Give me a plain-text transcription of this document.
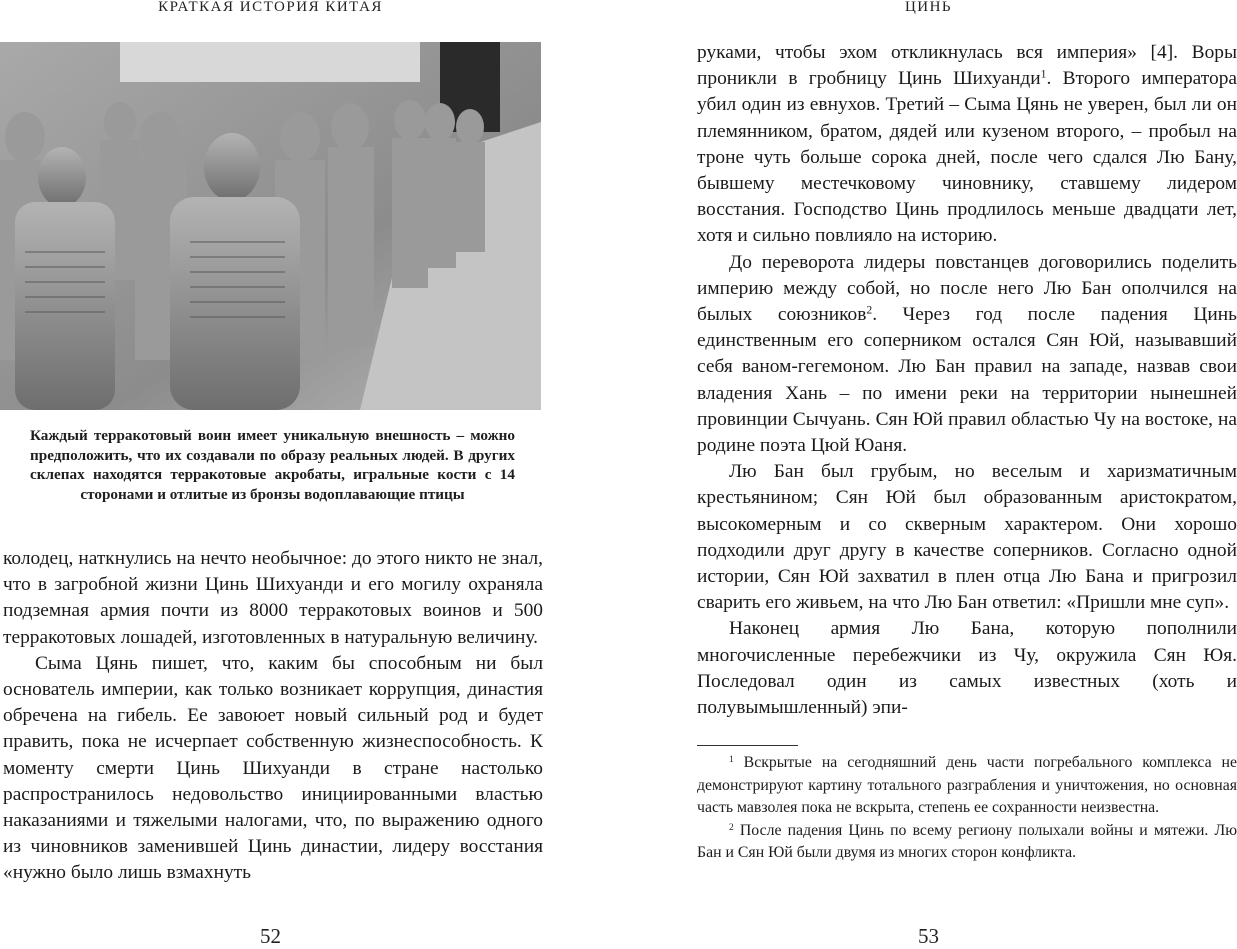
КРАТКАЯ ИСТОРИЯ КИТАЯ
Каждый терракотовый воин имеет уникальную внешность – можно предположить, что их создавали по образу реальных людей. В других склепах находятся терракотовые акробаты, игральные кости с 14 сторонами и отлитые из бронзы водоплавающие птицы

колодец, наткнулись на нечто необычное: до этого никто не знал, что в загробной жизни Цинь Шихуанди и его могилу охраняла подземная армия почти из 8000 терракотовых воинов и 500 терракотовых лошадей, изготовленных в натуральную величину.

Сыма Цянь пишет, что, каким бы способным ни был основатель империи, как только возникает коррупция, династия обречена на гибель. Ее завоюет новый сильный род и будет править, пока не исчерпает собственную жизнеспособность. К моменту смерти Цинь Шихуанди в стране настолько распространилось недовольство инициированными властью наказаниями и тяжелыми налогами, что, по выражению одного из чиновников заменившей Цинь династии, лидеру восстания «нужно было лишь взмахнуть

52
ЦИНЬ

руками, чтобы эхом откликнулась вся империя» [4]. Воры проникли в гробницу Цинь Шихуанди$^1$. Второго императора убил один из евнухов. Третий – Сыма Цянь не уверен, был ли он племянником, братом, дядей или кузеном второго, – пробыл на троне чуть больше сорока дней, после чего сдался Лю Бану, бывшему местечковому чиновнику, ставшему лидером восстания. Господство Цинь продлилось меньше двадцати лет, хотя и сильно повлияло на историю.

До переворота лидеры повстанцев договорились поделить империю между собой, но после него Лю Бан ополчился на былых союзников$^2$. Через год после падения Цинь единственным его соперником остался Сян Юй, называвший себя ваном-гегемоном. Лю Бан правил на западе, назвав свои владения Хань – по имени реки на территории нынешней провинции Сычуань. Сян Юй правил областью Чу на востоке, на родине поэта Цюй Юаня.

Лю Бан был грубым, но веселым и харизматичным крестьянином; Сян Юй был образованным аристократом, высокомерным и со скверным характером. Они хорошо подходили друг другу в качестве соперников. Согласно одной истории, Сян Юй захватил в плен отца Лю Бана и пригрозил сварить его живьем, на что Лю Бан ответил: «Пришли мне суп».

Наконец армия Лю Бана, которую пополнили многочисленные перебежчики из Чу, окружила Сян Юя. Последовал один из самых известных (хоть и полувымышленный) эпи-

$^1$ Вскрытые на сегодняшний день части погребального комплекса не демонстрируют картину тотального разграбления и уничтожения, но основная часть мавзолея пока не вскрыта, степень ее сохранности неизвестна.

$^2$ После падения Цинь по всему региону полыхали войны и мятежи. Лю Бан и Сян Юй были двумя из многих сторон конфликта.

53
